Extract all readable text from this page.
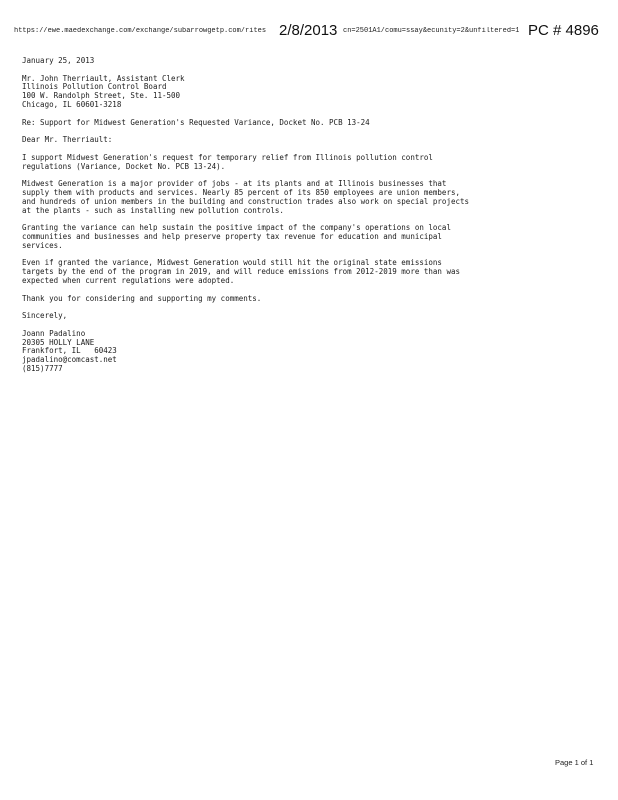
https://ewe.maedexchange.com/exchange/subarrowgetp.com/rites 2/8/2013 cn=2501A1/comu=ssay&ecunity=2&unfiltered=1 PC # 4896
January 25, 2013
Mr. John Therriault, Assistant Clerk
Illinois Pollution Control Board
100 W. Randolph Street, Ste. 11-500
Chicago, IL 60601-3218
Re: Support for Midwest Generation's Requested Variance, Docket No. PCB 13-24
Dear Mr. Therriault:
I support Midwest Generation's request for temporary relief from Illinois pollution control
regulations (Variance, Docket No. PCB 13-24).
Midwest Generation is a major provider of jobs - at its plants and at Illinois businesses that
supply them with products and services. Nearly 85 percent of its 850 employees are union members,
and hundreds of union members in the building and construction trades also work on special projects
at the plants - such as installing new pollution controls.
Granting the variance can help sustain the positive impact of the company's operations on local
communities and businesses and help preserve property tax revenue for education and municipal
services.
Even if granted the variance, Midwest Generation would still hit the original state emissions
targets by the end of the program in 2019, and will reduce emissions from 2012-2019 more than was
expected when current regulations were adopted.
Thank you for considering and supporting my comments.
Sincerely,
Joann Padalino
20305 HOLLY LANE
Frankfort, IL   60423
jpadalino@comcast.net
(815)7777
Page 1 of 1
